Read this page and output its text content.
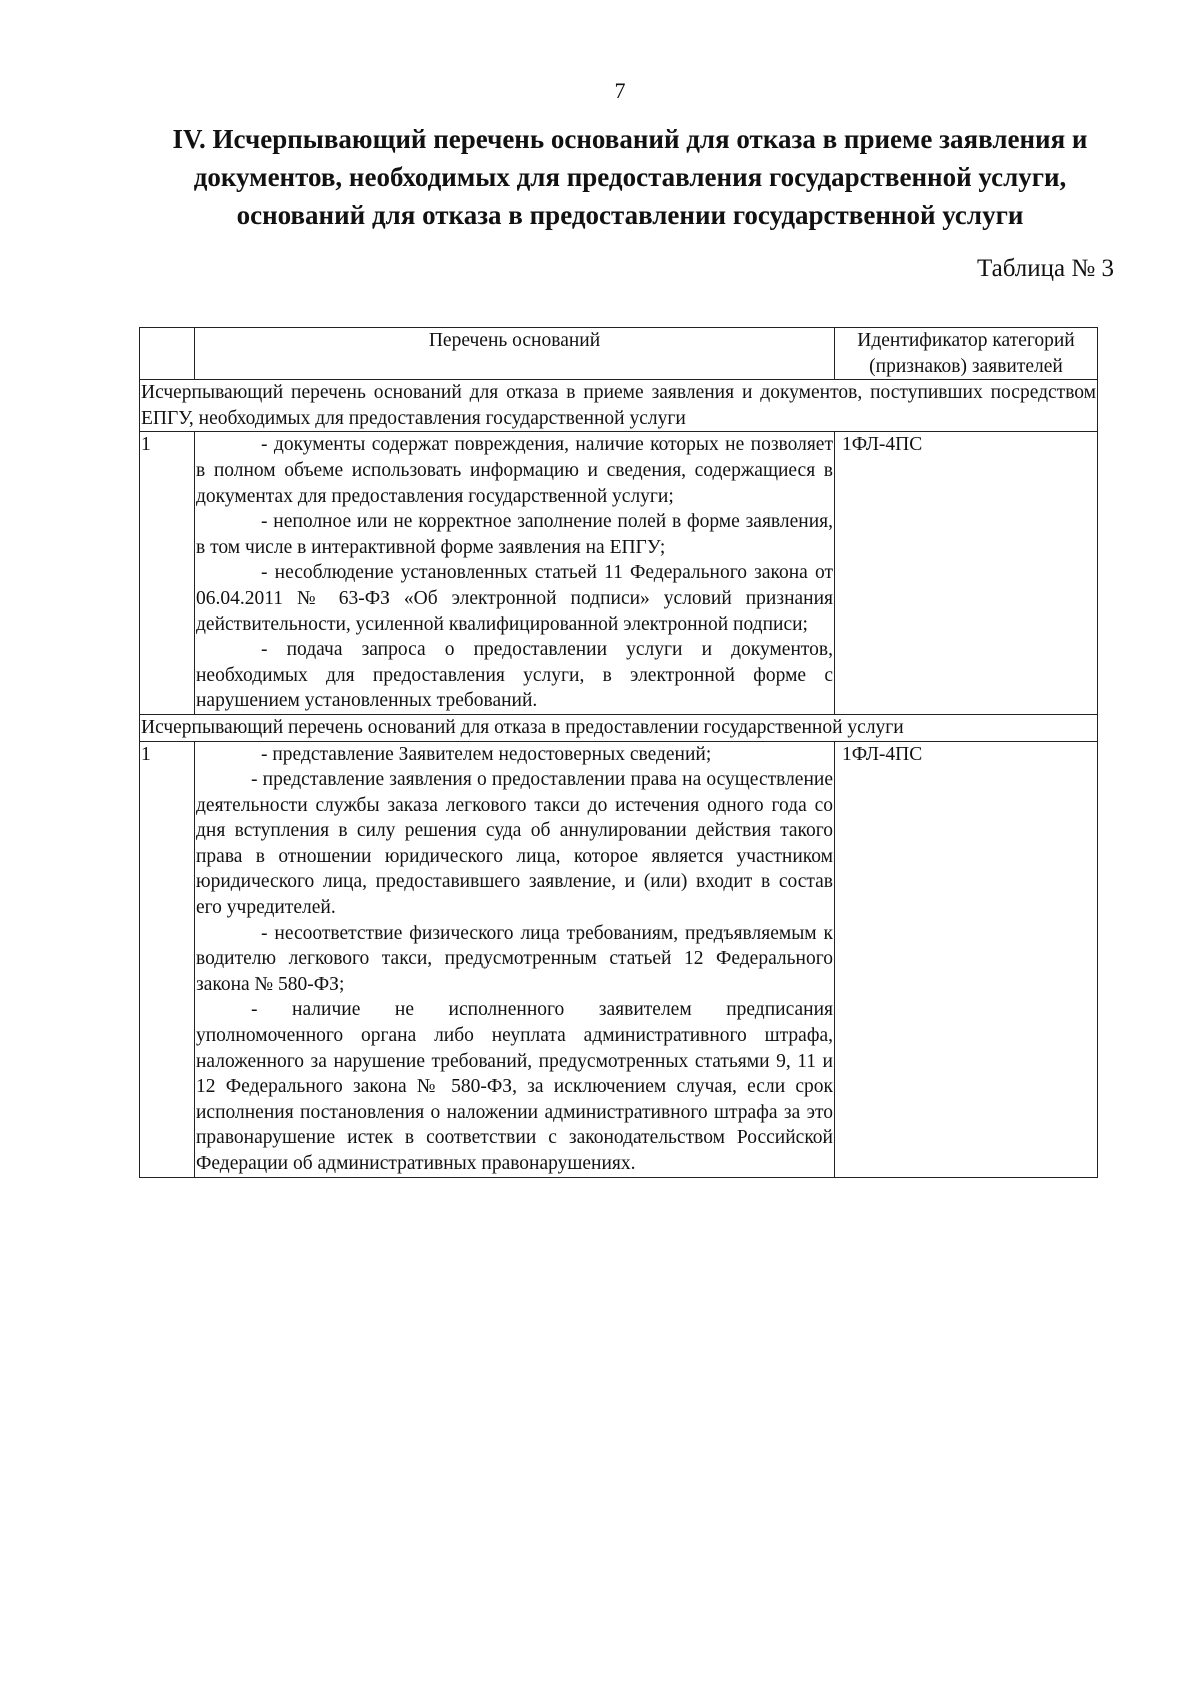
7
IV. Исчерпывающий перечень оснований для отказа в приеме заявления и
документов, необходимых для предоставления государственной услуги,
оснований для отказа в предоставлении государственной услуги
Таблица № 3
	Перечень оснований	Идентификатор категорий (признаков) заявителей
Исчерпывающий перечень оснований для отказа в приеме заявления и документов, поступивших посредством ЕПГУ, необходимых для предоставления государственной услуги		
1	- документы содержат повреждения, наличие которых не позволяет в полном объеме использовать информацию и сведения, содержащиеся в документах для предоставления государственной услуги;

- неполное или не корректное заполнение полей в форме заявления, в том числе в интерактивной форме заявления на ЕПГУ;

- несоблюдение установленных статьей 11 Федерального закона от 06.04.2011 № 63-ФЗ «Об электронной подписи» условий признания действительности, усиленной квалифицированной электронной подписи;

- подача запроса о предоставлении услуги и документов, необходимых для предоставления услуги, в электронной форме с нарушением установленных требований.	1ФЛ-4ПС

Исчерпывающий перечень оснований для отказа в предоставлении государственной услуги		
1	- представление Заявителем недостоверных сведений;

- представление заявления о предоставлении права на осуществление деятельности службы заказа легкового такси до истечения одного года со дня вступления в силу решения суда об аннулировании действия такого права в отношении юридического лица, которое является участником юридического лица, предоставившего заявление, и (или) входит в состав его учредителей.

- несоответствие физического лица требованиям, предъявляемым к водителю легкового такси, предусмотренным статьей 12 Федерального закона № 580-ФЗ;

- наличие не исполненного заявителем предписания уполномоченного органа либо неуплата административного штрафа, наложенного за нарушение требований, предусмотренных статьями 9, 11 и 12 Федерального закона № 580-ФЗ, за исключением случая, если срок исполнения постановления о наложении административного штрафа за это правонарушение истек в соответствии с законодательством Российской Федерации об административных правонарушениях.	1ФЛ-4ПС
